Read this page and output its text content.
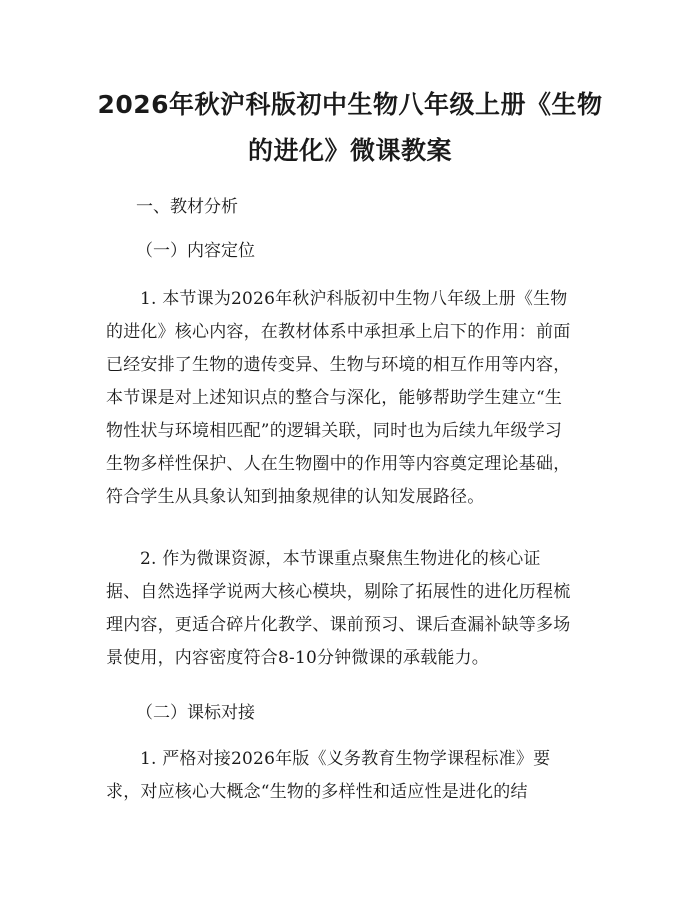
2026年秋沪科版初中生物八年级上册《生物
的进化》微课教案

一、教材分析

（一）内容定位

1. 本节课为2026年秋沪科版初中生物八年级上册《生物
的进化》核心内容，在教材体系中承担承上启下的作用：前面
已经安排了生物的遗传变异、生物与环境的相互作用等内容，
本节课是对上述知识点的整合与深化，能够帮助学生建立“生
物性状与环境相匹配”的逻辑关联，同时也为后续九年级学习
生物多样性保护、人在生物圈中的作用等内容奠定理论基础，
符合学生从具象认知到抽象规律的认知发展路径。
2. 作为微课资源，本节课重点聚焦生物进化的核心证
据、自然选择学说两大核心模块，剔除了拓展性的进化历程梳
理内容，更适合碎片化教学、课前预习、课后查漏补缺等多场
景使用，内容密度符合8-10分钟微课的承载能力。

（二）课标对接

1. 严格对接2026年版《义务教育生物学课程标准》要
求，对应核心大概念“生物的多样性和适应性是进化的结
